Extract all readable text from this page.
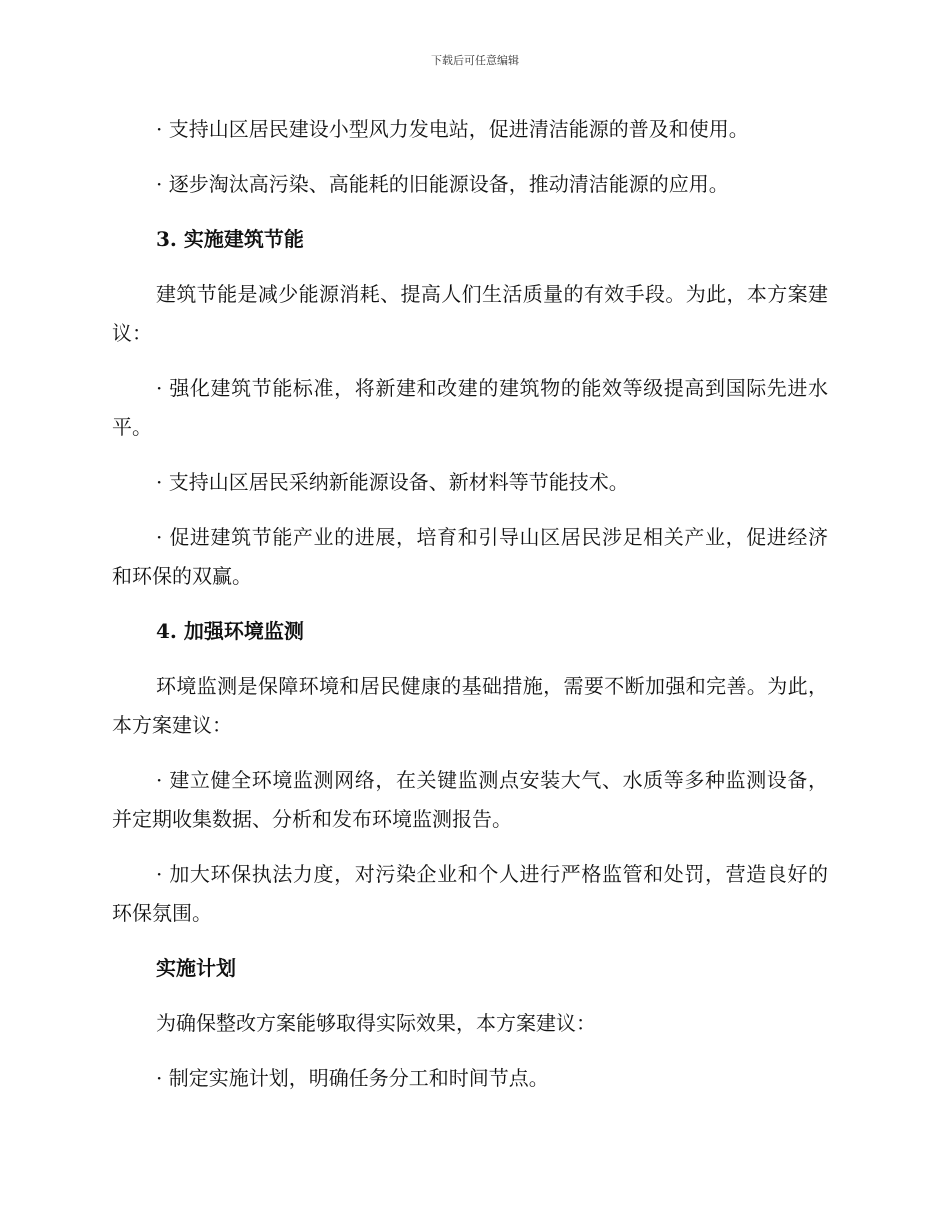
下载后可任意编辑

· 支持山区居民建设小型风力发电站，促进清洁能源的普及和使用。

· 逐步淘汰高污染、高能耗的旧能源设备，推动清洁能源的应用。

3. 实施建筑节能

建筑节能是减少能源消耗、提高人们生活质量的有效手段。为此，本方案建议：

· 强化建筑节能标准，将新建和改建的建筑物的能效等级提高到国际先进水平。

· 支持山区居民采纳新能源设备、新材料等节能技术。

· 促进建筑节能产业的进展，培育和引导山区居民涉足相关产业，促进经济和环保的双赢。

4. 加强环境监测

环境监测是保障环境和居民健康的基础措施，需要不断加强和完善。为此，本方案建议：

· 建立健全环境监测网络，在关键监测点安装大气、水质等多种监测设备，并定期收集数据、分析和发布环境监测报告。

· 加大环保执法力度，对污染企业和个人进行严格监管和处罚，营造良好的环保氛围。

实施计划

为确保整改方案能够取得实际效果，本方案建议：

· 制定实施计划，明确任务分工和时间节点。
